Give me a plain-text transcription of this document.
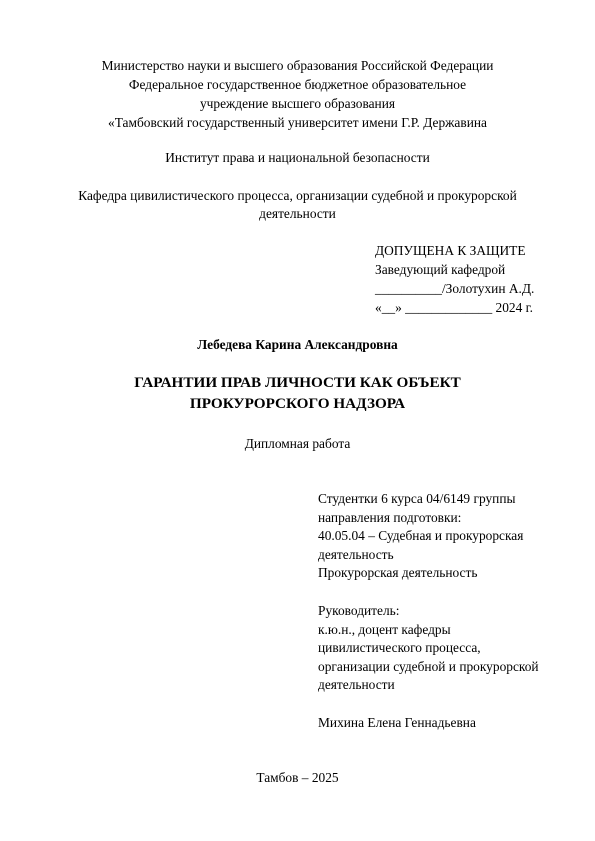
Министерство науки и высшего образования Российской Федерации
Федеральное государственное бюджетное образовательное
учреждение высшего образования
«Тамбовский государственный университет имени Г.Р. Державина
Институт права и национальной безопасности
Кафедра цивилистического процесса, организации судебной и прокурорской
деятельности
ДОПУЩЕНА К ЗАЩИТЕ
Заведующий кафедрой
__________/Золотухин А.Д.
«__» _____________ 2024 г.
Лебедева Карина Александровна
ГАРАНТИИ ПРАВ ЛИЧНОСТИ КАК ОБЪЕКТ
ПРОКУРОРСКОГО НАДЗОРА
Дипломная работа
Студентки 6 курса 04/6149 группы
направления подготовки:
40.05.04 – Судебная и прокурорская
деятельность
Прокурорская деятельность
Руководитель:
к.ю.н., доцент кафедры
цивилистического процесса,
организации судебной и прокурорской
деятельности
Михина Елена Геннадьевна
Тамбов – 2025
